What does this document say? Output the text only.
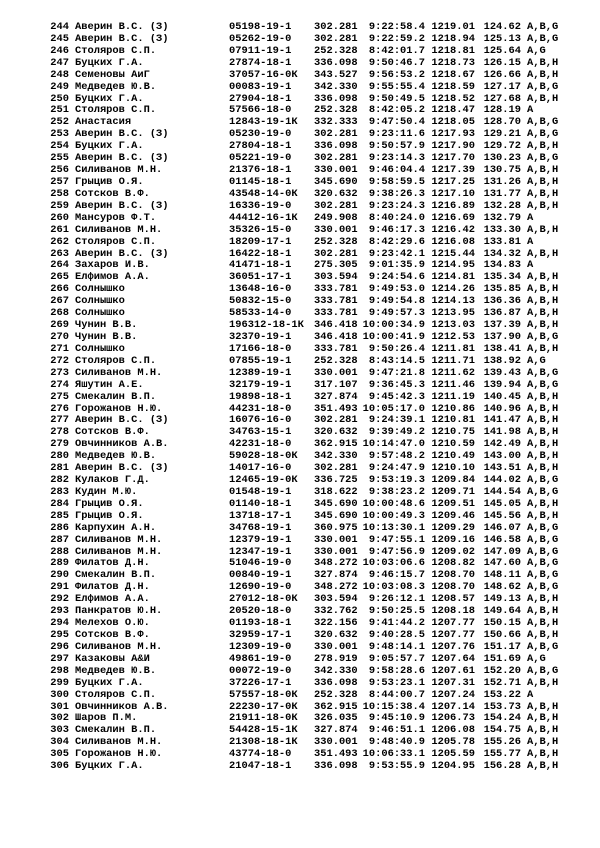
244 Аверин В.С. (З)	05198-19-1	302.281	9:22:58.4 1219.01 124.62 A,B,G
245 Аверин В.С. (З)	05262-19-0	302.281	9:22:59.2 1218.94 125.13 A,B,G
246 Столяров С.П.	07911-19-1	252.328	8:42:01.7 1218.81 125.64 A,G
247 Буцких Г.А.	27874-18-1	336.098	9:50:46.7 1218.73 126.15 A,B,H
248 Семеновы АиГ	37057-16-0К	343.527	9:56:53.2 1218.67 126.66 A,B,H
249 Медведев Ю.В.	00083-19-1	342.330	9:55:55.4 1218.59 127.17 A,B,G
250 Буцких Г.А.	27904-18-1	336.098	9:50:49.5 1218.52 127.68 A,B,H
251 Столяров С.П.	57566-18-0	252.328	8:42:05.2 1218.47 128.19 A
252 Анастасия	12843-19-1К	332.333	9:47:50.4 1218.05 128.70 A,B,G
253 Аверин В.С. (З)	05230-19-0	302.281	9:23:11.6 1217.93 129.21 A,B,G
254 Буцких Г.А.	27804-18-1	336.098	9:50:57.9 1217.90 129.72 A,B,H
255 Аверин В.С. (З)	05221-19-0	302.281	9:23:14.3 1217.70 130.23 A,B,G
256 Силиванов М.Н.	21376-18-1	330.001	9:46:04.4 1217.39 130.75 A,B,H
257 Грыцив О.Я.	01145-18-1	345.690	9:58:59.5 1217.25 131.26 A,B,H
258 Сотсков В.Ф.	43548-14-0К	320.632	9:38:26.3 1217.10 131.77 A,B,H
259 Аверин В.С. (З)	16336-19-0	302.281	9:23:24.3 1216.89 132.28 A,B,H
260 Мансуров Ф.Т.	44412-16-1К	249.908	8:40:24.0 1216.69 132.79 A
261 Силиванов М.Н.	35326-15-0	330.001	9:46:17.3 1216.42 133.30 A,B,H
262 Столяров С.П.	18209-17-1	252.328	8:42:29.6 1216.08 133.81 A
263 Аверин В.С. (З)	16422-18-1	302.281	9:23:42.1 1215.44 134.32 A,B,H
264 Захаров И.В.	41471-18-1	275.305	9:01:35.9 1214.95 134.83 A
265 Елфимов А.А.	36051-17-1	303.594	9:24:54.6 1214.81 135.34 A,B,H
266 Солнышко	13648-16-0	333.781	9:49:53.0 1214.26 135.85 A,B,H
267 Солнышко	50832-15-0	333.781	9:49:54.8 1214.13 136.36 A,B,H
268 Солнышко	58533-14-0	333.781	9:49:57.3 1213.95 136.87 A,B,H
269 Чунин В.В.	196312-18-1К 346.418 10:00:34.9 1213.03 137.39 A,B,H
270 Чунин В.В.	32370-19-1	346.418 10:00:41.9 1212.53 137.90 A,B,G
271 Солнышко	17166-18-0	333.781	9:50:26.4 1211.81 138.41 A,B,H
272 Столяров С.П.	07855-19-1	252.328	8:43:14.5 1211.71 138.92 A,G
273 Силиванов М.Н.	12389-19-1	330.001	9:47:21.8 1211.62 139.43 A,B,G
274 Яшутин А.Е.	32179-19-1	317.107	9:36:45.3 1211.46 139.94 A,B,G
275 Смекалин В.П.	19898-18-1	327.874	9:45:42.3 1211.19 140.45 A,B,H
276 Горожанов Н.Ю.	44231-18-0	351.493 10:05:17.0 1210.86 140.96 A,B,H
277 Аверин В.С. (З)	16076-16-0	302.281	9:24:39.1 1210.81 141.47 A,B,H
278 Сотсков В.Ф.	34763-15-1	320.632	9:39:49.2 1210.75 141.98 A,B,H
279 Овчинников А.В.	42231-18-0	362.915 10:14:47.0 1210.59 142.49 A,B,H
280 Медведев Ю.В.	59028-18-0К	342.330	9:57:48.2 1210.49 143.00 A,B,H
281 Аверин В.С. (З)	14017-16-0	302.281	9:24:47.9 1210.10 143.51 A,B,H
282 Кулаков Г.Д.	12465-19-0К	336.725	9:53:19.3 1209.84 144.02 A,B,G
283 Кудин М.Ю.	01548-19-1	318.622	9:38:23.2 1209.71 144.54 A,B,G
284 Грыцив О.Я.	01140-18-1	345.690 10:00:48.6 1209.51 145.05 A,B,H
285 Грыцив О.Я.	13718-17-1	345.690 10:00:49.3 1209.46 145.56 A,B,H
286 Карпухин А.Н.	34768-19-1	360.975 10:13:30.1 1209.29 146.07 A,B,G
287 Силиванов М.Н.	12379-19-1	330.001	9:47:55.1 1209.16 146.58 A,B,G
288 Силиванов М.Н.	12347-19-1	330.001	9:47:56.9 1209.02 147.09 A,B,G
289 Филатов Д.Н.	51046-19-0	348.272 10:03:06.6 1208.82 147.60 A,B,G
290 Смекалин В.П.	00840-19-1	327.874	9:46:15.7 1208.70 148.11 A,B,G
291 Филатов Д.Н.	12690-19-0	348.272 10:03:08.3 1208.70 148.62 A,B,G
292 Елфимов А.А.	27012-18-0К	303.594	9:26:12.1 1208.57 149.13 A,B,H
293 Панкратов Ю.Н.	20520-18-0	332.762	9:50:25.5 1208.18 149.64 A,B,H
294 Мелехов О.Ю.	01193-18-1	322.156	9:41:44.2 1207.77 150.15 A,B,H
295 Сотсков В.Ф.	32959-17-1	320.632	9:40:28.5 1207.77 150.66 A,B,H
296 Силиванов М.Н.	12309-19-0	330.001	9:48:14.1 1207.76 151.17 A,B,G
297 Казаковы А&И	49861-19-0	278.919	9:05:57.7 1207.64 151.69 A,G
298 Медведев Ю.В.	00072-19-0	342.330	9:58:28.6 1207.61 152.20 A,B,G
299 Буцких Г.А.	37226-17-1	336.098	9:53:23.1 1207.31 152.71 A,B,H
300 Столяров С.П.	57557-18-0К	252.328	8:44:00.7 1207.24 153.22 A
301 Овчинников А.В.	22230-17-0К	362.915 10:15:38.4 1207.14 153.73 A,B,H
302 Шаров П.М.	21911-18-0К	326.035	9:45:10.9 1206.73 154.24 A,B,H
303 Смекалин В.П.	54428-15-1К	327.874	9:46:51.1 1206.08 154.75 A,B,H
304 Силиванов М.Н.	21308-18-1К	330.001	9:48:40.9 1205.78 155.26 A,B,H
305 Горожанов Н.Ю.	43774-18-0	351.493 10:06:33.1 1205.59 155.77 A,B,H
306 Буцких Г.А.	21047-18-1	336.098	9:53:55.9 1204.95 156.28 A,B,H
